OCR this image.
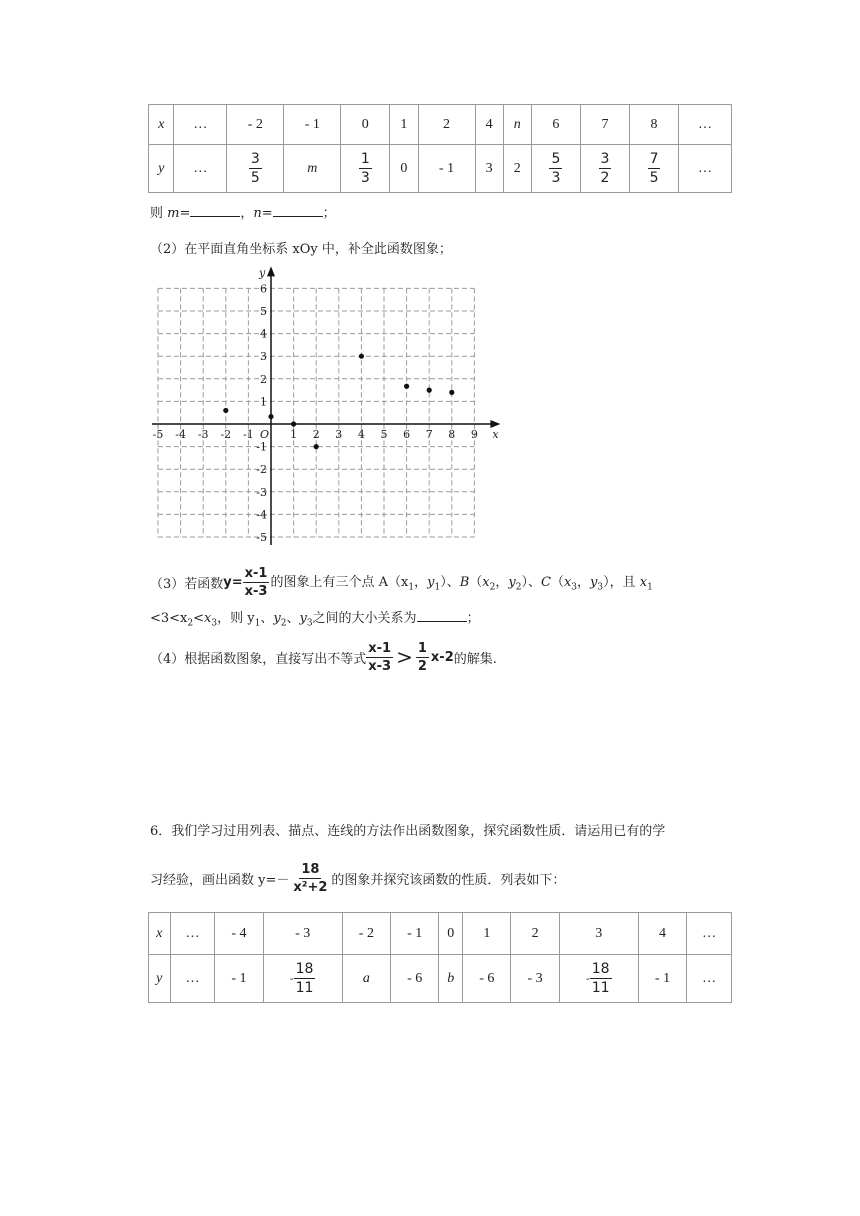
x	…	- 2	- 1	0	1	2	4	n	6	7	8	…
y	…	$\frac{3}{5}$	m	$\frac{1}{3}$	0	- 1	3	2	$\frac{5}{3}$	$\frac{3}{2}$	$\frac{7}{5}$	…
则 m=	，n=	；
（2）在平面直角坐标系 xOy 中，补全此函数图象；
x
y
O
-5 -4 -3 -2 -1	1 2 3 4 5 6 7 8 9
6
5
4
3
2
1
-1
-2
-3
-4
-5
（3）若函数 $y= \frac{x-1}{x-3}$ 的图象上有三个点 $A(x_1$，$y_1$）、$B(x_2$，$y_2$）、$C(x_3$，$y_3$），且 $x_1$
$<3<x_2<x_3$，则 $y_1$、$y_2$、$y_3$之间的大小关系为	；
（4）根据函数图象，直接写出不等式 $\frac{x-1}{x-3} > \frac{1}{2} x-2$ 的解集.
6．我们学习过用列表、描点、连线的方法作出函数图象，探究函数性质．请运用已有的学
习经验，画出函数 $y=- \frac{18}{\text{x²+2}}$ 的图象并探究该函数的性质．列表如下：
x	…	- 4	- 3	- 2	- 1	0	1	2	3	4	…
y	…	- 1	- $\frac{18}{11}$	a	- 6	b	- 6	- 3	- $\frac{18}{11}$	- 1	…
